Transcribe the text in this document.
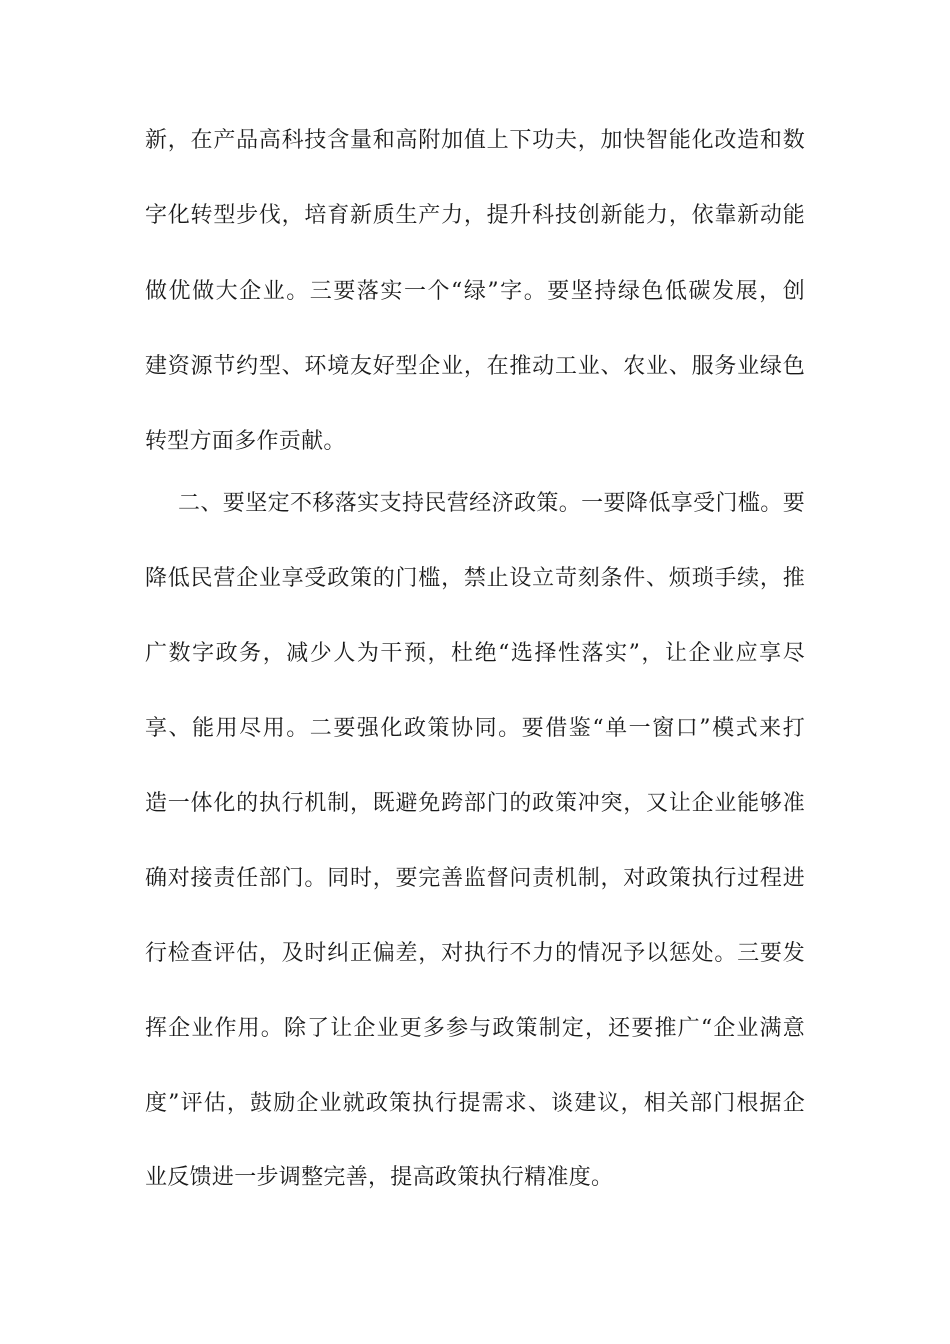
新，在产品高科技含量和高附加值上下功夫，加快智能化改造和数
字化转型步伐，培育新质生产力，提升科技创新能力，依靠新动能
做优做大企业。三要落实一个“绿”字。要坚持绿色低碳发展，创
建资源节约型、环境友好型企业，在推动工业、农业、服务业绿色
转型方面多作贡献。
二、要坚定不移落实支持民营经济政策。一要降低享受门槛。要
降低民营企业享受政策的门槛，禁止设立苛刻条件、烦琐手续，推
广数字政务，减少人为干预，杜绝“选择性落实”，让企业应享尽
享、能用尽用。二要强化政策协同。要借鉴“单一窗口”模式来打
造一体化的执行机制，既避免跨部门的政策冲突，又让企业能够准
确对接责任部门。同时，要完善监督问责机制，对政策执行过程进
行检查评估，及时纠正偏差，对执行不力的情况予以惩处。三要发
挥企业作用。除了让企业更多参与政策制定，还要推广“企业满意
度”评估，鼓励企业就政策执行提需求、谈建议，相关部门根据企
业反馈进一步调整完善，提高政策执行精准度。
